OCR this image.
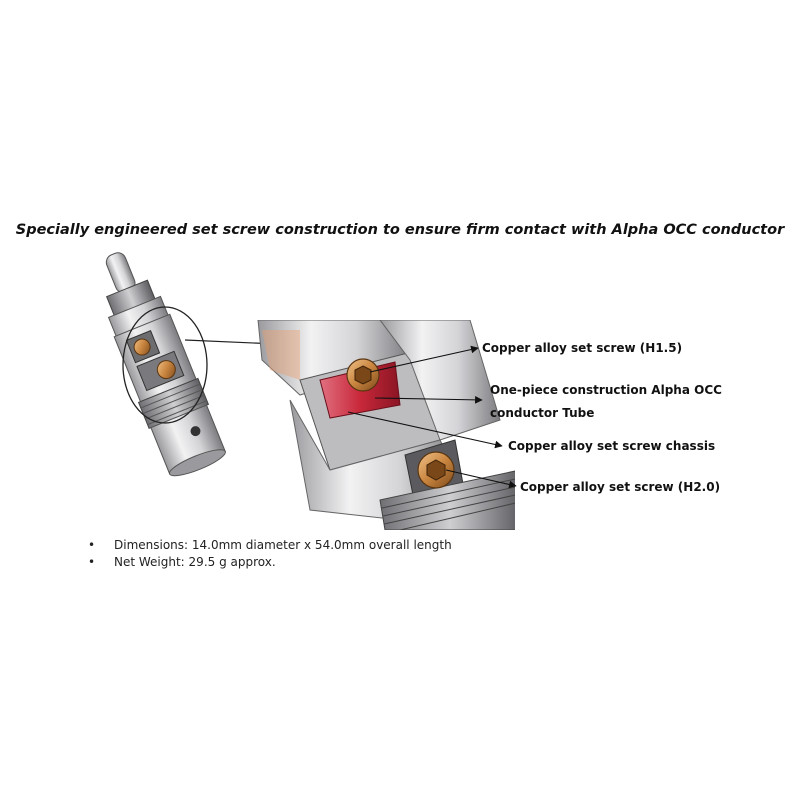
Specially engineered set screw construction to ensure firm contact with Alpha OCC conductor
Copper alloy set screw (H1.5)
One-piece construction Alpha OCC
conductor Tube
Copper alloy set screw chassis
Copper alloy set screw (H2.0)
• Dimensions: 14.0mm diameter x 54.0mm overall length
• Net Weight: 29.5 g approx.
